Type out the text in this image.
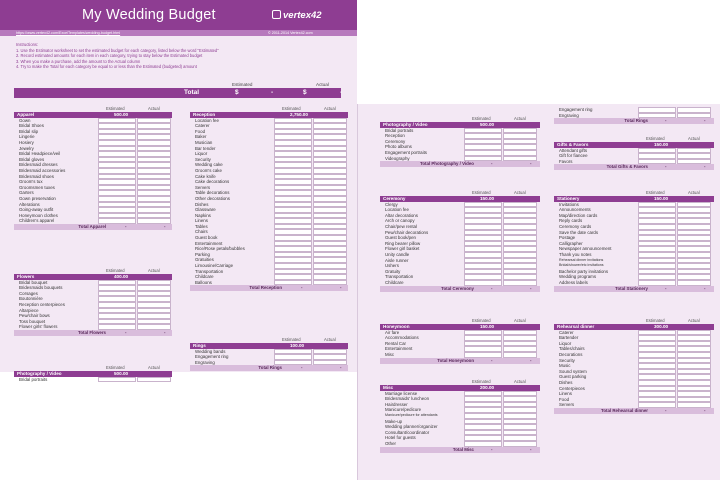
My Wedding Budget	vertex42
https://www.vertex42.com/ExcelTemplates/wedding-budget.html	© 2011-2014 Vertex42.com
Instructions:
1. Use the Estimator worksheet to set the estimated budget for each category, listed below the word "Estimated"
2. Record estimated amounts for each item in each category, trying to stay below the Estimated budget
3. When you make a purchase, add the amount to the Actual column
4. Try to make the Total for each category be equal to or less than the Estimated (budgeted) amount
Estimated	Actual
Total	$	-	$	-
Estimated	Actual
Apparel	500.00
Gown
Bridal Shoes
Bridal slip
Lingerie
Hosiery
Jewelry
Bridal Headpiece/veil
Bridal gloves
Bridesmaid dresses
Bridesmaid accessories
Bridesmaid shoes
Groom's tux
Groomsmen tuxes
Garters
Gown preservation
Alterations
Going-away outfit
Honeymoon clothes
Children's apparel
Total Apparel	-	-
Estimated	Actual
Flowers	400.00
Bridal bouquet
Bridesmaids bouquets
Corsages
Boutonnière
Reception centerpieces
Altarpiece
Pew/chair bows
Toss bouquet
Flower girls' flowers
Total Flowers	-	-
Estimated	Actual
Photography / Video	500.00
Bridal portraits
Estimated	Actual
Reception	2,750.00
Location fee
Caterer
Food
Baker
Musician
Bar tender
Liquor
Security
Wedding cake
Groom's cake
Cake knife
Cake decorations
Servers
Table decorations
Other decorations
Dishes
Glassware
Napkins
Linens
Tables
Chairs
Guest book
Entertainment
Rice/Rose petals/bubbles
Parking
Gratuities
Limousine/Carriage
Transportation
Childcare
Balloons
Total Reception	-	-
Estimated	Actual
Rings	100.00
Wedding bands
Engagement ring
Engraving
Total Rings	-	-
Estimated	Actual
Photography / Video	500.00
Bridal portraits
Reception
Ceremony
Photo albums
Engagement portraits
Videography
Total Photography / Video	-	-
Estimated	Actual
Ceremony	150.00
Clergy
Location fee
Altar decorations
Arch or canopy
Chair/pew rental
Pew/chair decorations
Guest book/pen
Ring bearer pillow
Flower girl basket
Unity candle
Aisle runner
Ushers
Gratuity
Transportation
Childcare
Total Ceremony	-	-
Estimated	Actual
Honeymoon	150.00
Air fare
Accommodations
Rental Car
Entertainment
Misc
Total Honeymoon	-	-
Estimated	Actual
Misc	200.00
Marriage license
Bridesmaids' luncheon
Hairdresser
Manicure/pedicure
Manicure/pedicure for attendants
Make-up
Wedding planner/organizer
Consultant/coordinator
Hotel for guests
Other
Total Misc	-	-
Engagement ring
Engraving
Total Rings	-	-
Estimated	Actual
Gifts & Favors	150.00
Attendant gifts
Gift for fiancee
Favors
Total Gifts & Favors	-	-
Estimated	Actual
Stationery	150.00
Invitations
Announcements
Map/direction cards
Reply cards
Ceremony cards
Save the date cards
Postage
Calligrapher
Newspaper announcement
Thank you notes
Rehearsal dinner invitations
Bridal/shower/etc invitations
Bachelor party invitations
Wedding programs
Address labels
Total Stationery	-	-
Estimated	Actual
Rehearsal dinner	300.00
Caterer
Bartender
Liquor
Tables/chairs
Decorations
Security
Music
Sound system
Guest parking
Dishes
Centerpieces
Linens
Food
Servers
Total Rehearsal dinner	-	-
